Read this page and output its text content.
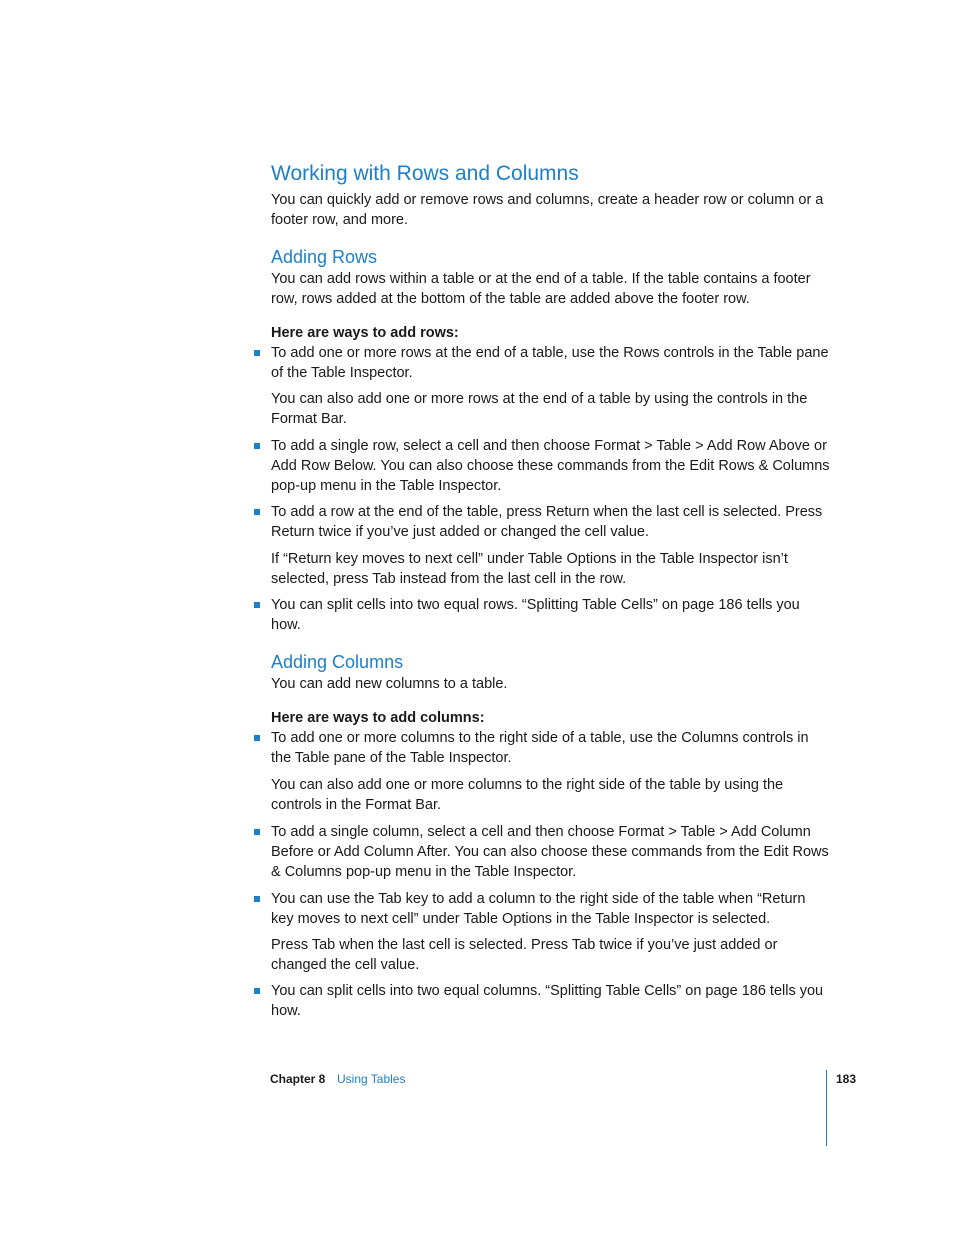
Working with Rows and Columns

You can quickly add or remove rows and columns, create a header row or column or a footer row, and more.

Adding Rows

You can add rows within a table or at the end of a table. If the table contains a footer row, rows added at the bottom of the table are added above the footer row.

Here are ways to add rows:

To add one or more rows at the end of a table, use the Rows controls in the Table pane of the Table Inspector.

You can also add one or more rows at the end of a table by using the controls in the Format Bar.

To add a single row, select a cell and then choose Format > Table > Add Row Above or Add Row Below. You can also choose these commands from the Edit Rows & Columns pop-up menu in the Table Inspector.
To add a row at the end of the table, press Return when the last cell is selected. Press Return twice if you’ve just added or changed the cell value.

If “Return key moves to next cell” under Table Options in the Table Inspector isn’t selected, press Tab instead from the last cell in the row.

You can split cells into two equal rows. “Splitting Table Cells” on page 186 tells you how.
Adding Columns

You can add new columns to a table.

Here are ways to add columns:

To add one or more columns to the right side of a table, use the Columns controls in the Table pane of the Table Inspector.

You can also add one or more columns to the right side of the table by using the controls in the Format Bar.

To add a single column, select a cell and then choose Format > Table > Add Column Before or Add Column After. You can also choose these commands from the Edit Rows & Columns pop-up menu in the Table Inspector.
You can use the Tab key to add a column to the right side of the table when “Return key moves to next cell” under Table Options in the Table Inspector is selected.

Press Tab when the last cell is selected. Press Tab twice if you’ve just added or changed the cell value.

You can split cells into two equal columns. “Splitting Table Cells” on page 186 tells you how.
Chapter 8 Using Tables	183
